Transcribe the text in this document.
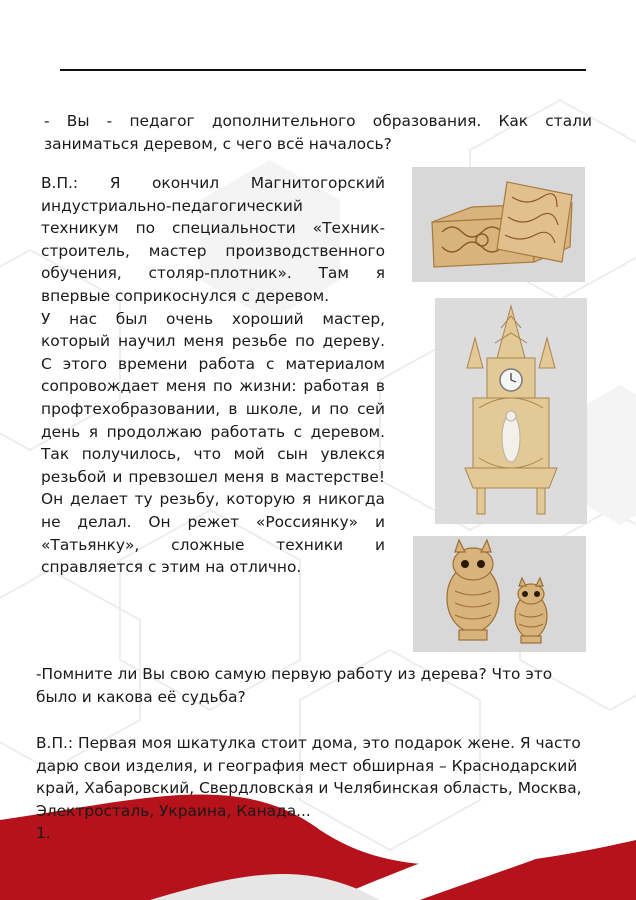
- Вы - педагог дополнительного образования. Как стали заниматься деревом, с чего всё началось?

В.П.: Я окончил Магнитогорский индустриально-педагогический техникум по специальности «Техник-строитель, мастер производственного обучения, столяр-плотник». Там я впервые соприкоснулся с деревом.

У нас был очень хороший мастер, который научил меня резьбе по дереву. С этого времени работа с материалом сопровождает меня по жизни: работая в профтехобразовании, в школе, и по сей день я продолжаю работать с деревом. Так получилось, что мой сын увлекся резьбой и превзошел меня в мастерстве! Он делает ту резьбу, которую я никогда не делал. Он режет «Россиянку» и «Татьянку», сложные техники и справляется с этим на отлично.

-Помните ли Вы свою самую первую работу из дерева? Что это было и какова её судьба?
В.П.: Первая моя шкатулка стоит дома, это подарок жене. Я часто дарю свои изделия, и география мест обширная – Краснодарский край, Хабаровский, Свердловская и Челябинская область, Москва, Электросталь, Украина, Канада...
1.
